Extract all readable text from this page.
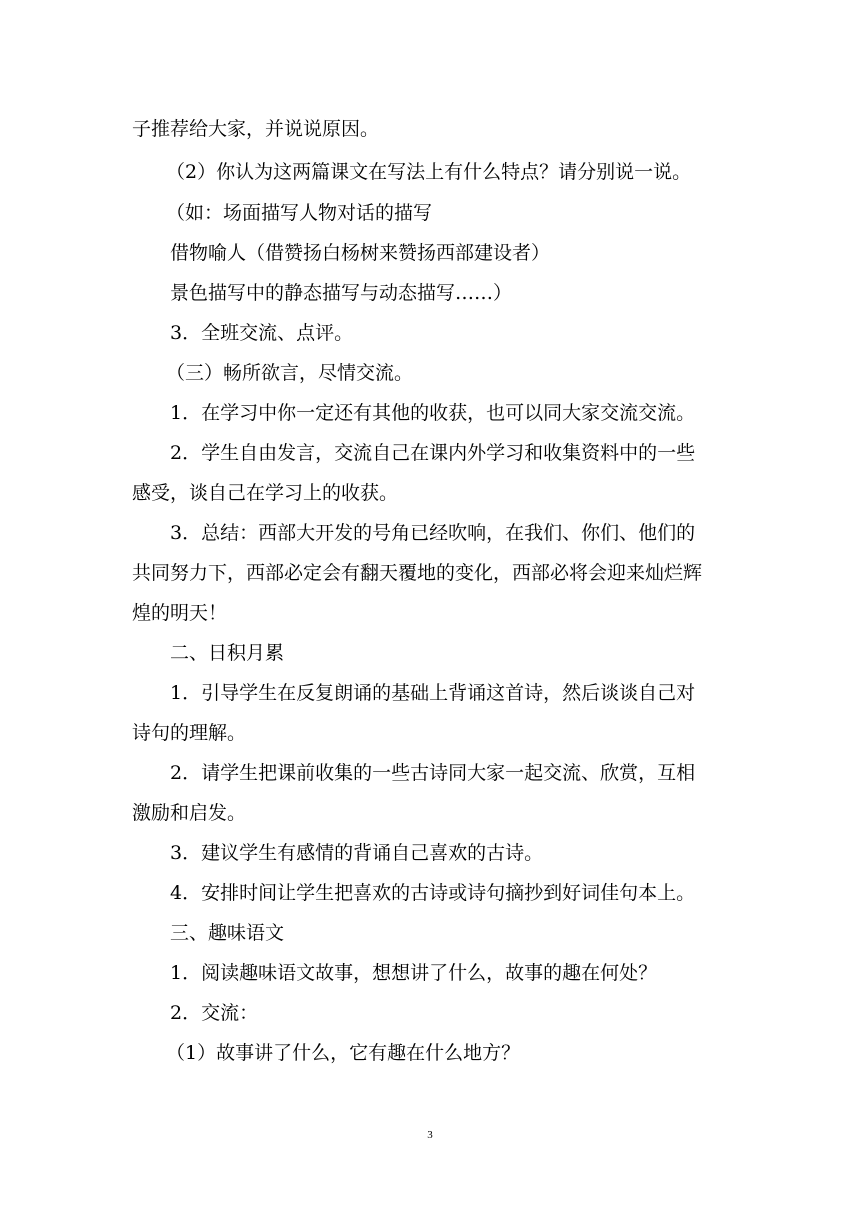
子推荐给大家，并说说原因。
（2）你认为这两篇课文在写法上有什么特点？请分别说一说。
（如：场面描写人物对话的描写
借物喻人（借赞扬白杨树来赞扬西部建设者）
景色描写中的静态描写与动态描写……）
3．全班交流、点评。
（三）畅所欲言，尽情交流。
1．在学习中你一定还有其他的收获，也可以同大家交流交流。
2．学生自由发言，交流自己在课内外学习和收集资料中的一些
感受，谈自己在学习上的收获。
3．总结：西部大开发的号角已经吹响，在我们、你们、他们的
共同努力下，西部必定会有翻天覆地的变化，西部必将会迎来灿烂辉
煌的明天！
二、日积月累
1．引导学生在反复朗诵的基础上背诵这首诗，然后谈谈自己对
诗句的理解。
2．请学生把课前收集的一些古诗同大家一起交流、欣赏，互相
激励和启发。
3．建议学生有感情的背诵自己喜欢的古诗。
4．安排时间让学生把喜欢的古诗或诗句摘抄到好词佳句本上。
三、趣味语文
1．阅读趣味语文故事，想想讲了什么，故事的趣在何处？
2．交流：
（1）故事讲了什么，它有趣在什么地方？
3
